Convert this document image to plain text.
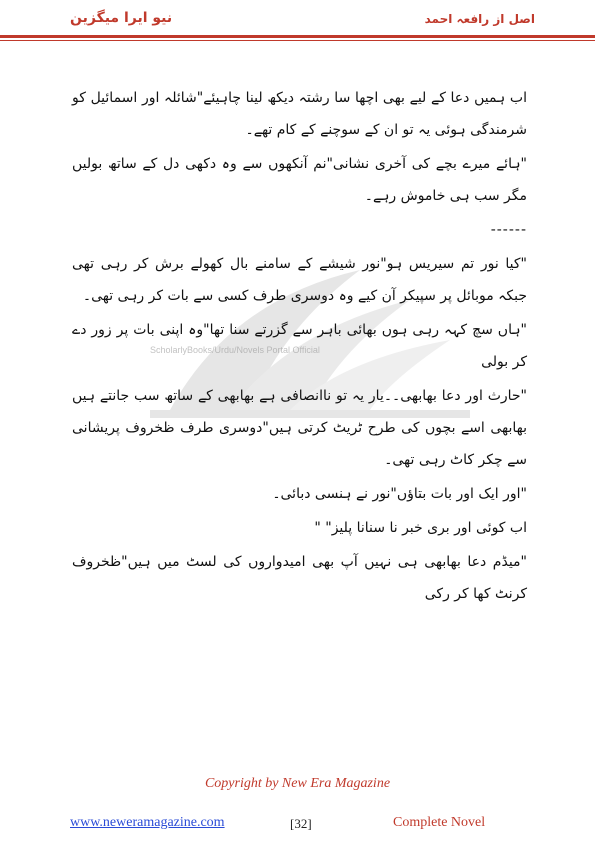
نیو ایرا میگزین	اصل از رافعہ احمد
ScholarlyBooks/Urdu/Novels Portal Official

اب ہمیں دعا کے لیے بھی اچھا سا رشتہ دیکھ لینا چاہیئے"شائلہ اور اسمائیل کو شرمندگی ہوئی یہ تو ان کے سوچنے کے کام تھے۔

"ہائے میرے بچے کی آخری نشانی"نم آنکھوں سے وہ دکھی دل کے ساتھ بولیں مگر سب ہی خاموش رہے۔

------

"کیا نور تم سیریس ہو"نور شیشے کے سامنے بال کھولے برش کر رہی تھی جبکہ موبائل پر سپیکر آن کیے وہ دوسری طرف کسی سے بات کر رہی تھی۔

"ہاں سچ کہہ رہی ہوں بھائی باہر سے گزرتے سنا تھا"وہ اپنی بات پر زور دے کر بولی

"حارث اور دعا بھابھی۔۔یار یہ تو ناانصافی ہے بھابھی کے ساتھ سب جانتے ہیں بھابھی اسے بچوں کی طرح ٹریٹ کرتی ہیں"دوسری طرف ظخروف پریشانی سے چکر کاٹ رہی تھی۔

"اور ایک اور بات بتاؤں"نور نے ہنسی دبائی۔

اب کوئی اور بری خبر نا سنانا پلیز" "

"میڈم دعا بھابھی ہی نہیں آپ بھی امیدواروں کی لسٹ میں ہیں"ظخروف کرنٹ کھا کر رکی

Copyright by New Era Magazine
www.neweramagazine.com	[32]	Complete Novel
